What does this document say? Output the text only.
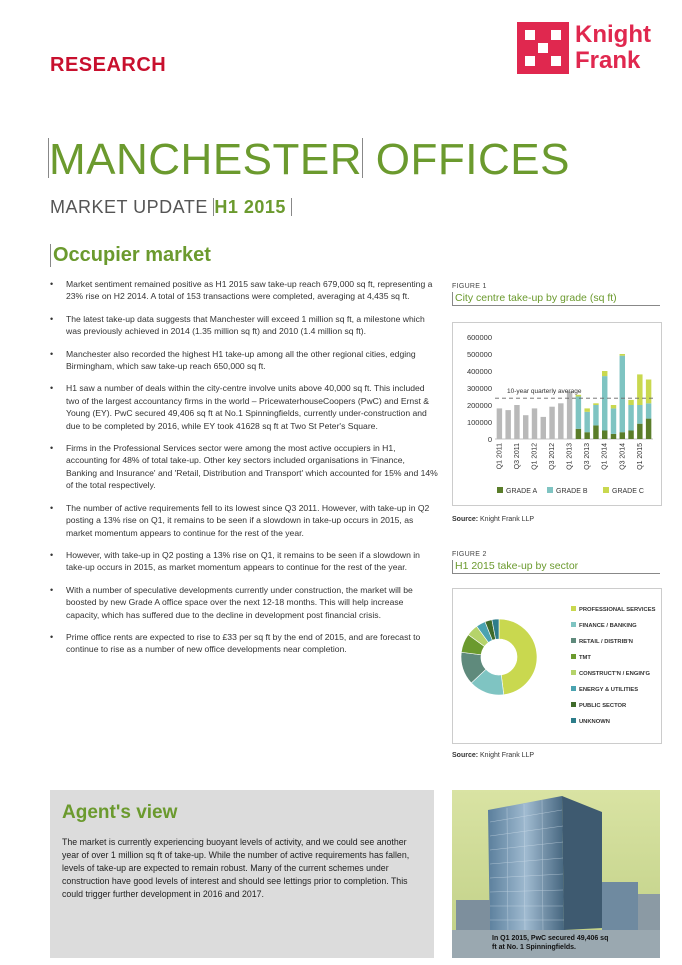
RESEARCH
Knight
Frank
MANCHESTER OFFICES
MARKET UPDATE H1 2015
Occupier market
• Market sentiment remained positive as H1 2015 saw take-up reach 679,000 sq ft, representing a 23% rise on H2 2014. A total of 153 transactions were completed, averaging at 4,435 sq ft.
• The latest take-up data suggests that Manchester will exceed 1 million sq ft, a milestone which was previously achieved in 2014 (1.35 million sq ft) and 2010 (1.4 million sq ft).
• Manchester also recorded the highest H1 take-up among all the other regional cities, edging Birmingham, which saw take-up reach 650,000 sq ft.
• H1 saw a number of deals within the city-centre involve units above 40,000 sq ft. This included two of the largest accountancy firms in the world – PricewaterhouseCoopers (PwC) and Ernst & Young (EY). PwC secured 49,406 sq ft at No.1 Spinningfields, currently under-construction and due to be completed by 2016, while EY took 41628 sq ft at Two St Peter's Square.
• Firms in the Professional Services sector were among the most active occupiers in H1, accounting for 48% of total take-up. Other key sectors included organisations in 'Finance, Banking and Insurance' and 'Retail, Distribution and Transport' which accounted for 15% and 14% of the total respectively.
• The number of active requirements fell to its lowest since Q3 2011. However, with take-up in Q2 posting a 13% rise on Q1, it remains to be seen if a slowdown in take-up occurs in 2015, as market momentum appears to continue for the rest of the year.
• However, with take-up in Q2 posting a 13% rise on Q1, it remains to be seen if a slowdown in take-up occurs in 2015, as market momentum appears to continue for the rest of the year.
• With a number of speculative developments currently under construction, the market will be boosted by new Grade A office space over the next 12-18 months. This will help increase capacity, which has suffered due to the decline in development post financial crisis.
• Prime office rents are expected to rise to £33 per sq ft by the end of 2015, and are forecast to continue to rise as a number of new office developments near completion.
FIGURE 1
City centre take-up by grade (sq ft)
0
100000
200000
300000
400000
500000
600000
10-year quarterly average
Q1 2011 Q3 2011 Q1 2012 Q3 2012 Q1 2013 Q3 2013 Q1 2014 Q3 2014 Q1 2015
GRADE A	GRADE B	GRADE C
Source: Knight Frank LLP
FIGURE 2
H1 2015 take-up by sector
PROFESSIONAL SERVICES
FINANCE / BANKING
RETAIL / DISTRIB'N
TMT
CONSTRUCT'N / ENGIN'G
ENERGY & UTILITIES
PUBLIC SECTOR
UNKNOWN
Source: Knight Frank LLP
Agent's view
The market is currently experiencing buoyant levels of activity, and we could see another year of over 1 million sq ft of take-up. While the number of active requirements has fallen, levels of take-up are expected to remain robust. Many of the current schemes under construction have good levels of interest and should see lettings prior to completion. This could trigger further development in 2016 and 2017.
In Q1 2015, PwC secured 49,406 sq
ft at No. 1 Spinningfields.
